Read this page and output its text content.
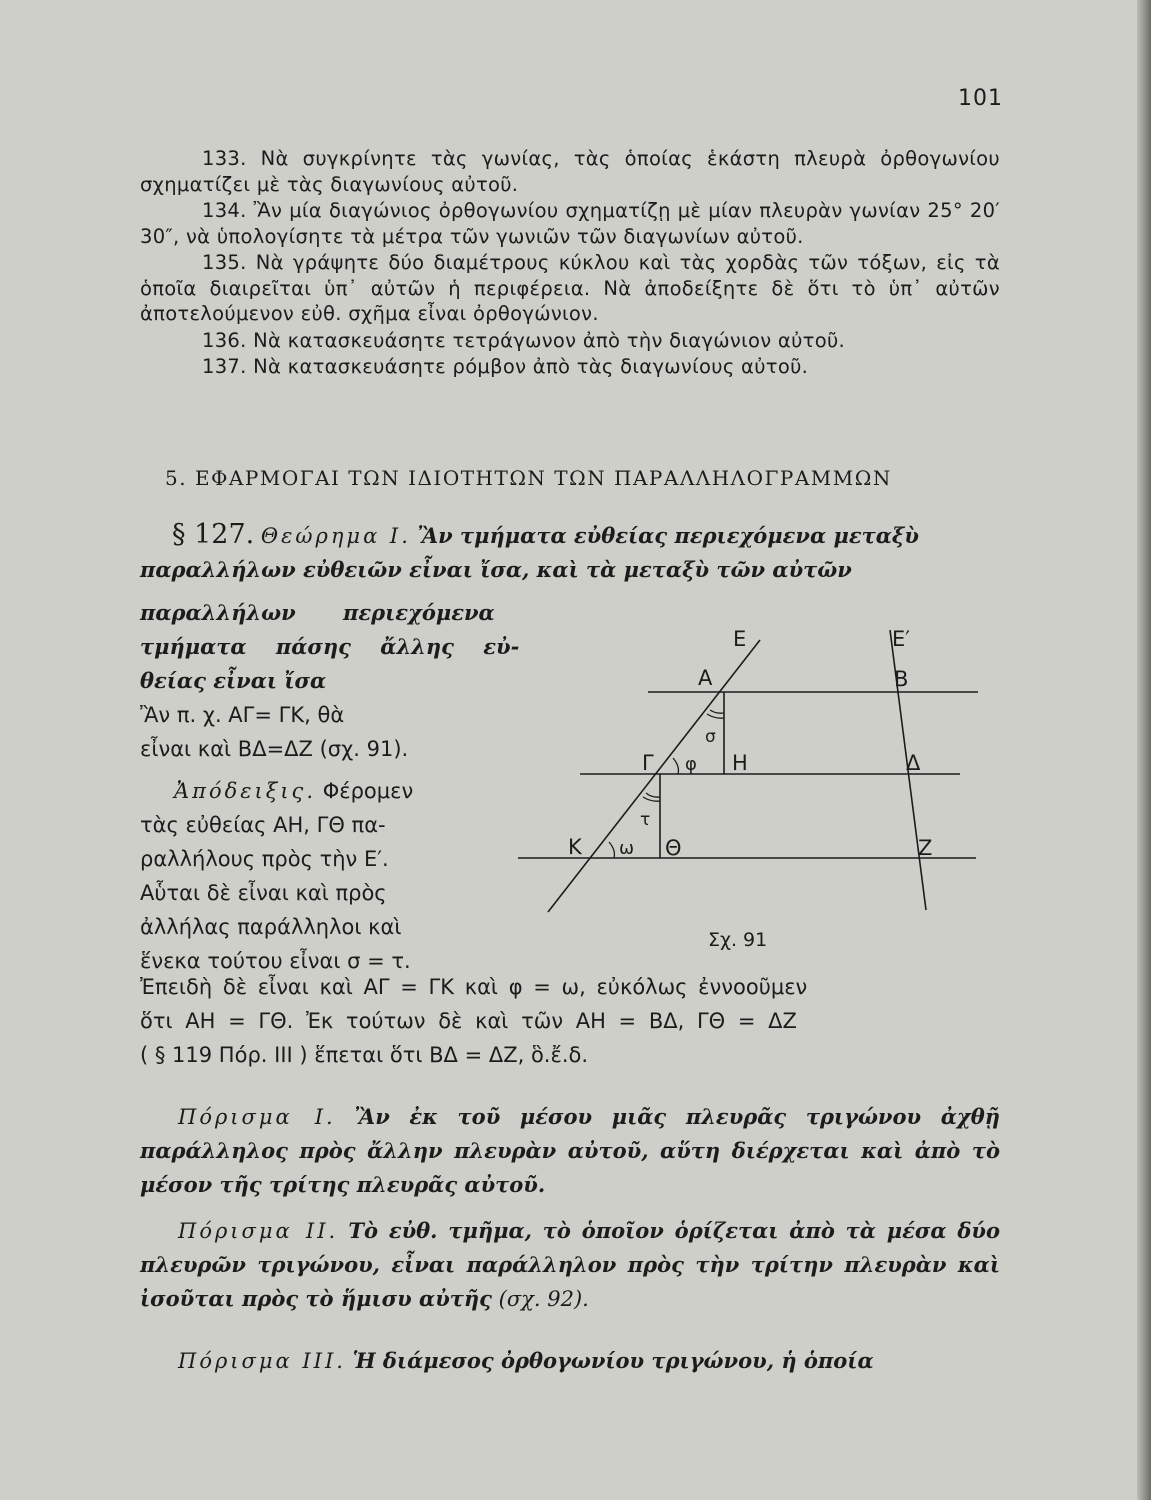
101

133. Νὰ συγκρίνητε τὰς γωνίας, τὰς ὁποίας ἑκάστη πλευρὰ ὀρθογωνίου σχηματίζει μὲ τὰς διαγωνίους αὐτοῦ.

134. Ἂν μία διαγώνιος ὀρθογωνίου σχηματίζῃ μὲ μίαν πλευρὰν γωνίαν 25° 20′ 30″, νὰ ὑπολογίσητε τὰ μέτρα τῶν γωνιῶν τῶν διαγωνίων αὐτοῦ.

135. Νὰ γράψητε δύο διαμέτρους κύκλου καὶ τὰς χορδὰς τῶν τόξων, εἰς τὰ ὁποῖα διαιρεῖται ὑπ᾽ αὐτῶν ἡ περιφέρεια. Νὰ ἀποδείξητε δὲ ὅτι τὸ ὑπ᾽ αὐτῶν ἀποτελούμενον εὐθ. σχῆμα εἶναι ὀρθογώνιον.

136. Νὰ κατασκευάσητε τετράγωνον ἀπὸ τὴν διαγώνιον αὐτοῦ.

137. Νὰ κατασκευάσητε ρόμβον ἀπὸ τὰς διαγωνίους αὐτοῦ.

5. ΕΦΑΡΜΟΓΑΙ ΤΩΝ ΙΔΙΟΤΗΤΩΝ ΤΩΝ ΠΑΡΑΛΛΗΛΟΓΡΑΜΜΩΝ
§ 127. Θεώρημα Ι. Ἂν τμήματα εὐθείας περιεχόμενα μεταξὺ παραλλήλων εὐθειῶν εἶναι ἴσα, καὶ τὰ μεταξὺ τῶν αὐτῶν
παραλλήλων περιεχόμενα
τμήματα πάσης ἄλλης εὐ-
θείας εἶναι ἴσα
Ἂν π. χ. ΑΓ= ΓΚ, θὰ
εἶναι καὶ ΒΔ=ΔΖ (σχ. 91).
Ἀπόδειξις. Φέρομεν
τὰς εὐθείας ΑΗ, ΓΘ πα-
ραλλήλους πρὸς τὴν Ε′.
Αὗται δὲ εἶναι καὶ πρὸς
ἀλλήλας παράλληλοι καὶ
ἕνεκα τούτου εἶναι σ = τ.
Ε	Ε′
Α	Β
σ
Γ φ Η	Δ
τ
Κ ω Θ	Ζ
Σχ. 91
Ἐπειδὴ δὲ εἶναι καὶ ΑΓ = ΓΚ καὶ φ = ω, εὐκόλως ἐννοοῦμεν
ὅτι ΑΗ = ΓΘ. Ἐκ τούτων δὲ καὶ τῶν ΑΗ = ΒΔ, ΓΘ = ΔΖ
( § 119 Πόρ. ΙΙΙ ) ἕπεται ὅτι ΒΔ = ΔΖ, ὃ.ἔ.δ.
Πόρισμα Ι. Ἂν ἐκ τοῦ μέσου μιᾶς πλευρᾶς τριγώνου ἀχθῇ παράλληλος πρὸς ἄλλην πλευρὰν αὐτοῦ, αὕτη διέρχεται καὶ ἀπὸ τὸ μέσον τῆς τρίτης πλευρᾶς αὐτοῦ.
Πόρισμα ΙΙ. Τὸ εὐθ. τμῆμα, τὸ ὁποῖον ὁρίζεται ἀπὸ τὰ μέσα δύο πλευρῶν τριγώνου, εἶναι παράλληλον πρὸς τὴν τρίτην πλευρὰν καὶ ἰσοῦται πρὸς τὸ ἥμισυ αὐτῆς (σχ. 92).
Πόρισμα ΙΙΙ. Ἡ διάμεσος ὀρθογωνίου τριγώνου, ἡ ὁποία
